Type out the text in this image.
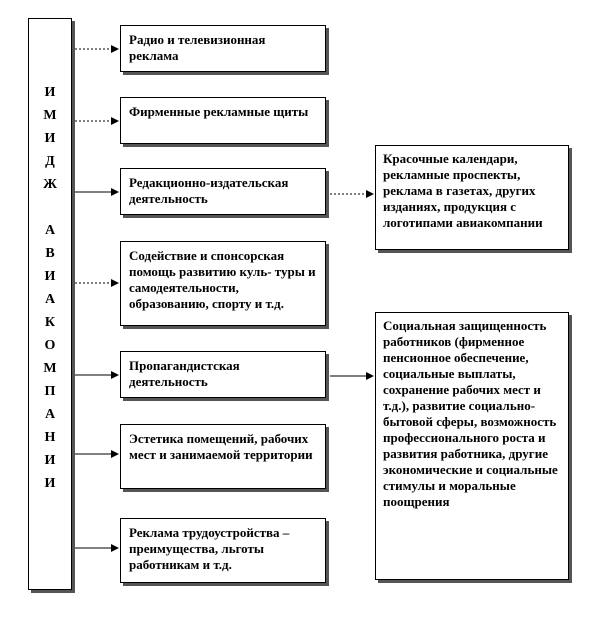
И
М
И
Д
Ж
А
В
И
А
К
О
М
П
А
Н
И
И
Радио и телевизионная реклама
Фирменные рекламные щиты
Редакционно-издательская деятельность
Содействие и спонсорская помощь развитию куль- туры и самодеятельности, образованию, спорту и т.д.
Пропагандистская деятельность
Эстетика помещений, рабочих мест и занимаемой территории
Реклама трудоустройства – преимущества, льготы работникам и т.д.
Красочные календари, рекламные проспекты, реклама в газетах, других изданиях, продукция с логотипами авиакомпании
Социальная защищенность работников (фирменное пенсионное обеспечение, социальные выплаты, сохранение рабочих мест и т.д.), развитие социально-бытовой сферы, возможность профессионального роста и развития работника, другие экономические и социальные стимулы и моральные поощрения
